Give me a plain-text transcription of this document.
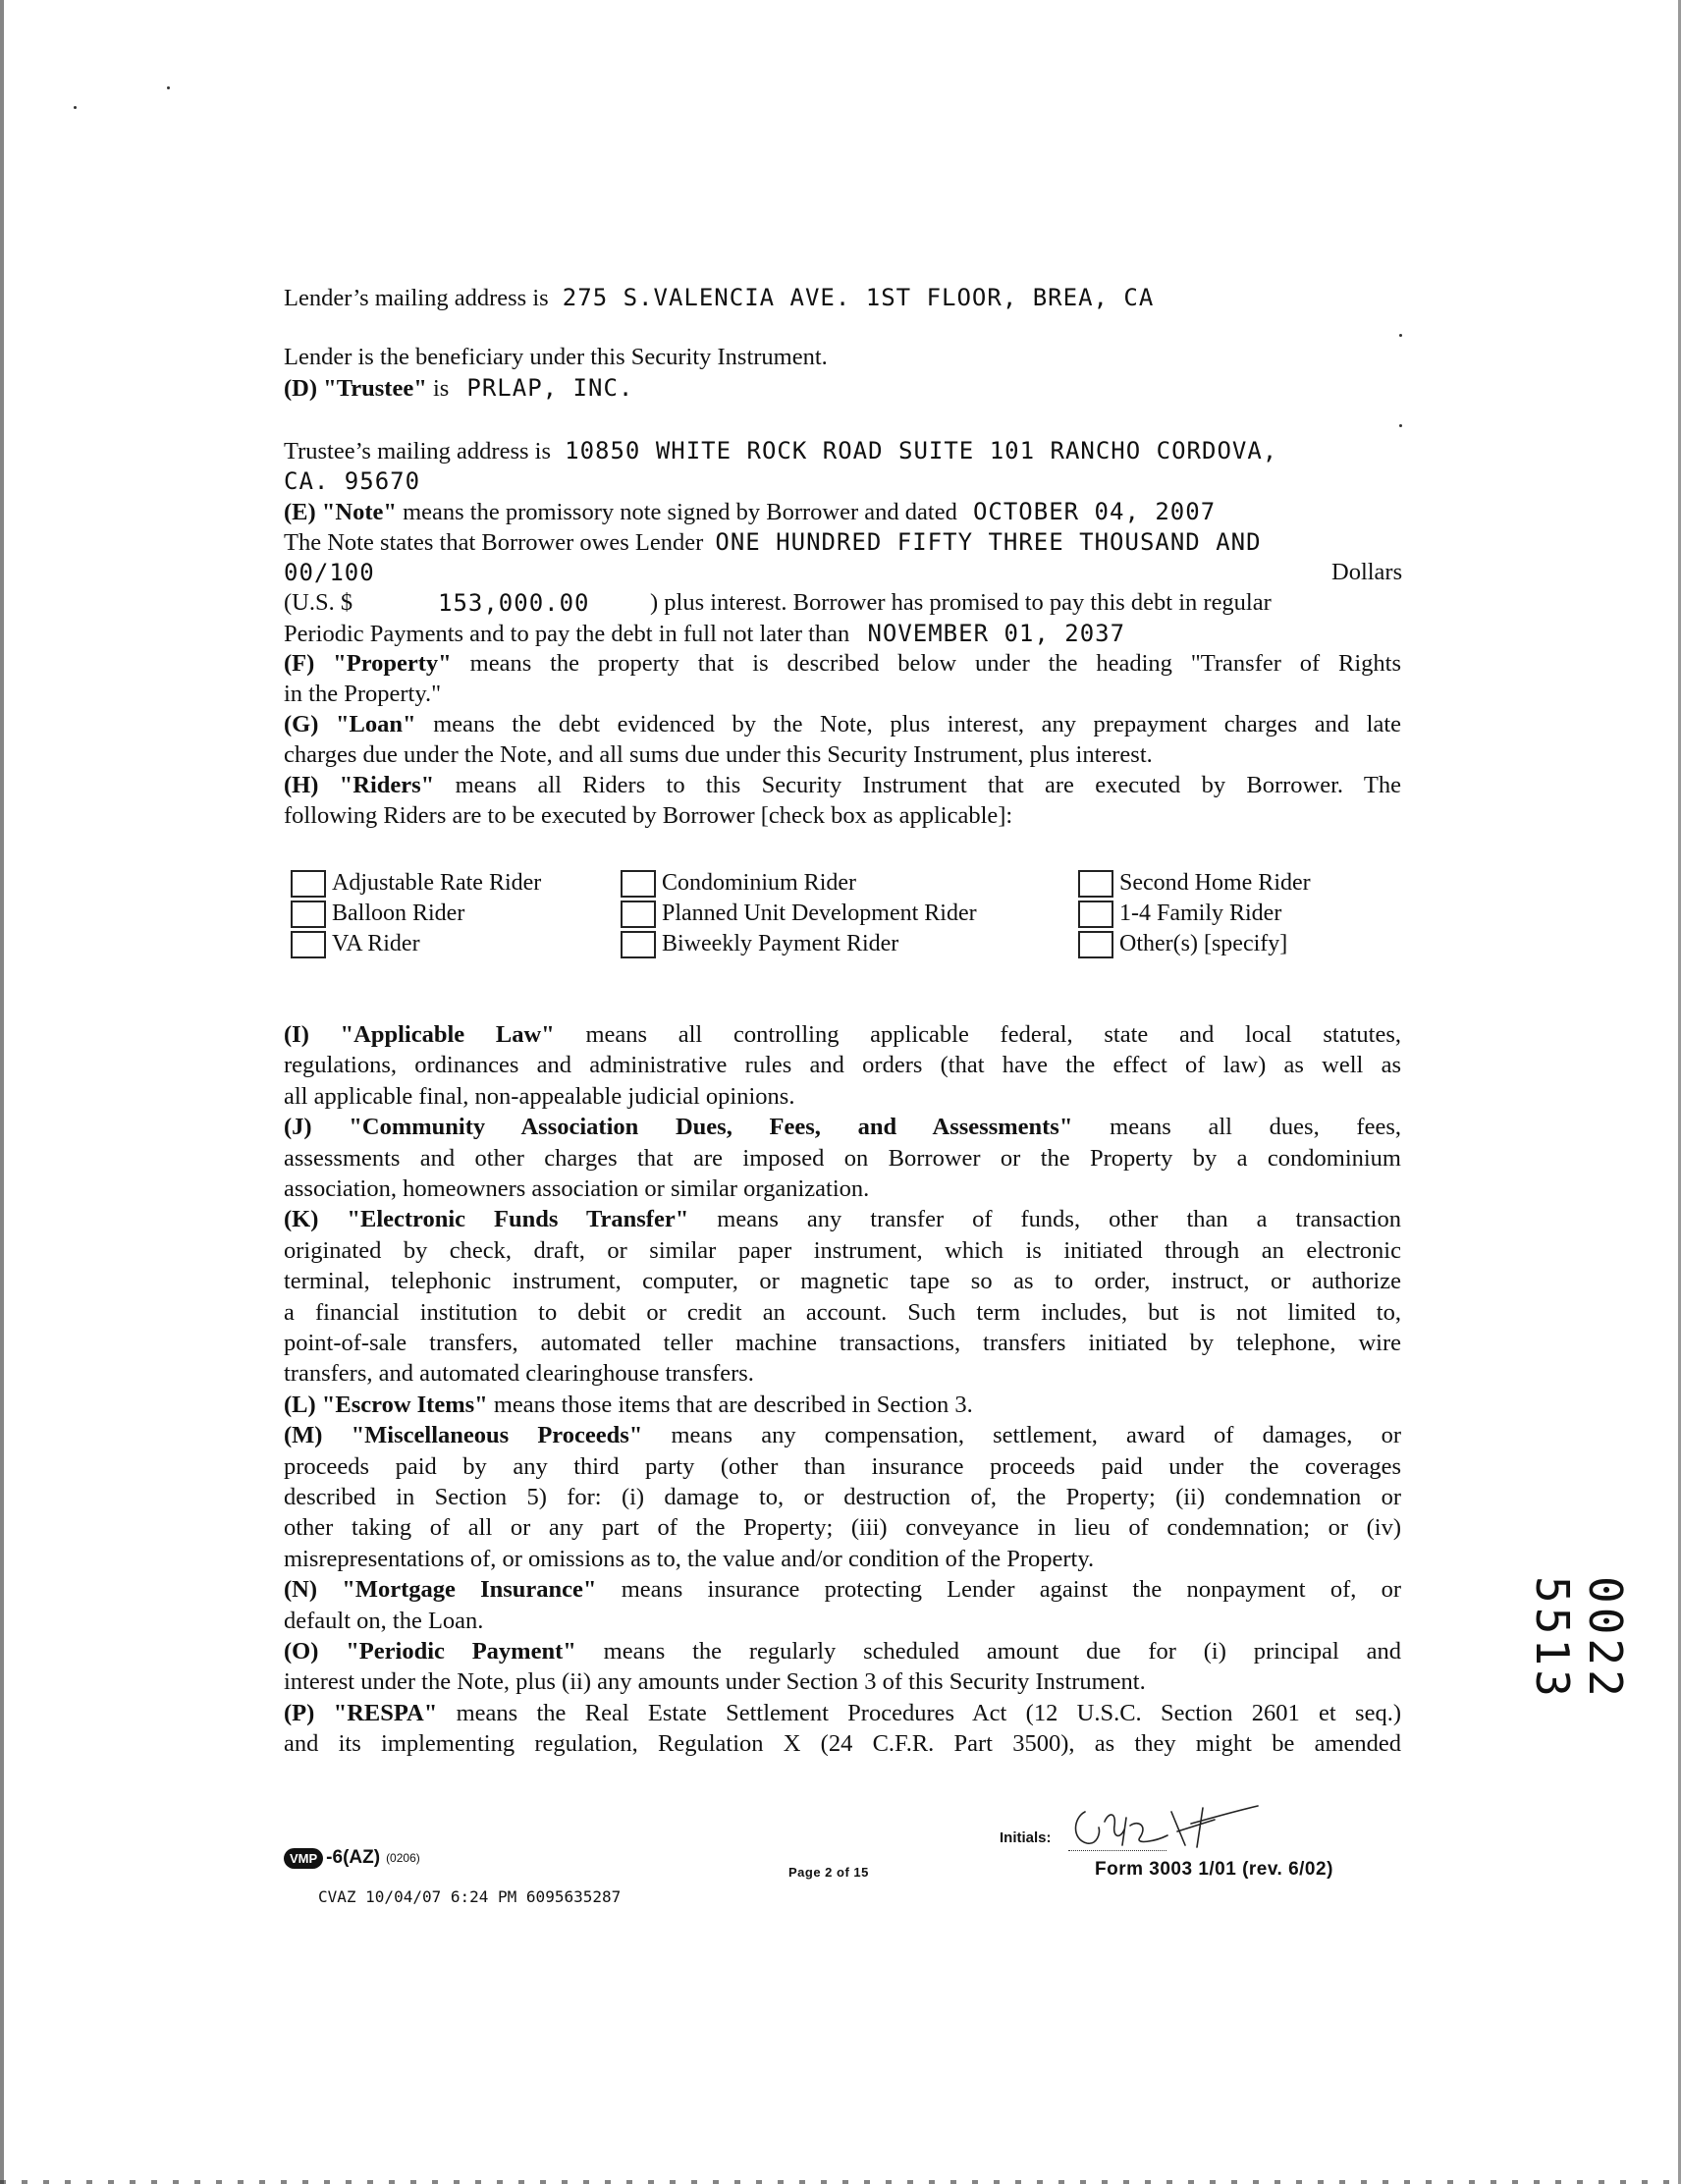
Lender’s mailing address is 275 S.VALENCIA AVE. 1ST FLOOR, BREA, CA
Lender is the beneficiary under this Security Instrument.
(D) "Trustee" is PRLAP, INC.
Trustee’s mailing address is 10850 WHITE ROCK ROAD SUITE 101 RANCHO CORDOVA,
CA. 95670
(E) "Note" means the promissory note signed by Borrower and dated OCTOBER 04, 2007
The Note states that Borrower owes Lender ONE HUNDRED FIFTY THREE THOUSAND AND
00/100	Dollars
(U.S. $	153,000.00	) plus interest. Borrower has promised to pay this debt in regular
Periodic Payments and to pay the debt in full not later than NOVEMBER 01, 2037
(F) "Property" means the property that is described below under the heading "Transfer of Rights
in the Property."
(G) "Loan" means the debt evidenced by the Note, plus interest, any prepayment charges and late
charges due under the Note, and all sums due under this Security Instrument, plus interest.
(H) "Riders" means all Riders to this Security Instrument that are executed by Borrower. The
following Riders are to be executed by Borrower [check box as applicable]:
Adjustable Rate Rider	Condominium Rider	Second Home Rider
Balloon Rider	Planned Unit Development Rider	1-4 Family Rider
VA Rider	Biweekly Payment Rider	Other(s) [specify]
(I) "Applicable Law" means all controlling applicable federal, state and local statutes,
regulations, ordinances and administrative rules and orders (that have the effect of law) as well as
all applicable final, non-appealable judicial opinions.
(J) "Community Association Dues, Fees, and Assessments" means all dues, fees,
assessments and other charges that are imposed on Borrower or the Property by a condominium
association, homeowners association or similar organization.
(K) "Electronic Funds Transfer" means any transfer of funds, other than a transaction
originated by check, draft, or similar paper instrument, which is initiated through an electronic
terminal, telephonic instrument, computer, or magnetic tape so as to order, instruct, or authorize
a financial institution to debit or credit an account. Such term includes, but is not limited to,
point-of-sale transfers, automated teller machine transactions, transfers initiated by telephone, wire
transfers, and automated clearinghouse transfers.
(L) "Escrow Items" means those items that are described in Section 3.
(M) "Miscellaneous Proceeds" means any compensation, settlement, award of damages, or
proceeds paid by any third party (other than insurance proceeds paid under the coverages
described in Section 5) for: (i) damage to, or destruction of, the Property; (ii) condemnation or
other taking of all or any part of the Property; (iii) conveyance in lieu of condemnation; or (iv)
misrepresentations of, or omissions as to, the value and/or condition of the Property.
(N) "Mortgage Insurance" means insurance protecting Lender against the nonpayment of, or
default on, the Loan.
(O) "Periodic Payment" means the regularly scheduled amount due for (i) principal and
interest under the Note, plus (ii) any amounts under Section 3 of this Security Instrument.
(P) "RESPA" means the Real Estate Settlement Procedures Act (12 U.S.C. Section 2601 et seq.)
and its implementing regulation, Regulation X (24 C.F.R. Part 3500), as they might be amended
VMP -6(AZ) (0206)
Page 2 of 15
CVAZ 10/04/07 6:24 PM 6095635287
Initials:
Form 3003 1/01 (rev. 6/02)
0022 5513
